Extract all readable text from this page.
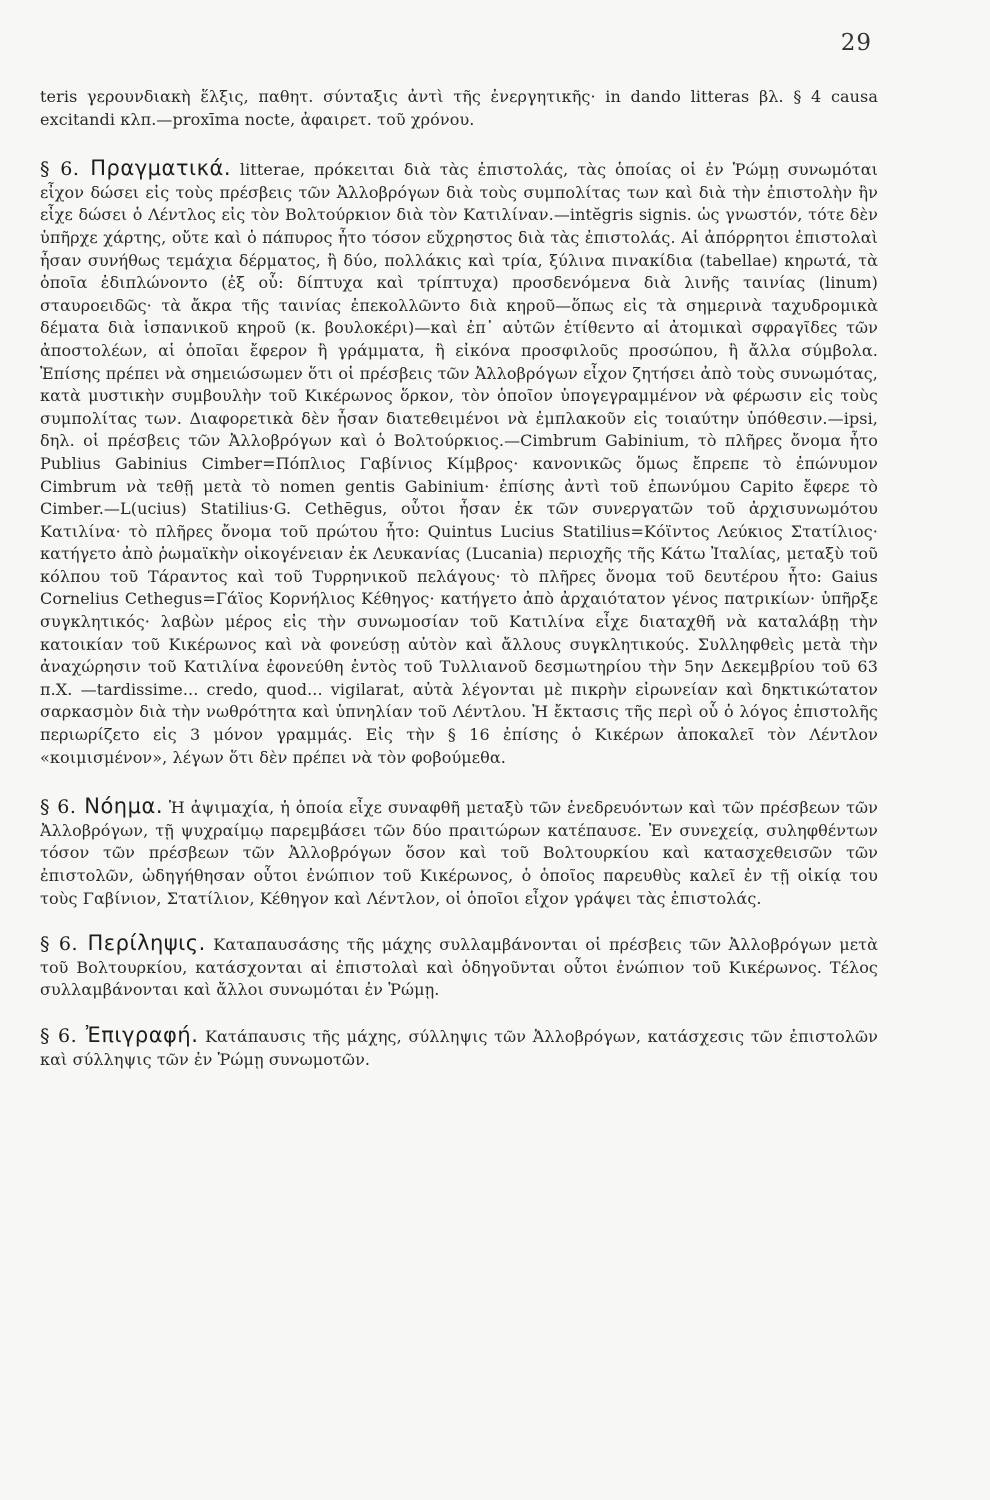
29

teris γερουνδιακὴ ἕλξις, παθητ. σύνταξις ἀντὶ τῆς ἐνεργητικῆς· in dando litteras βλ. § 4 causa excitandi κλπ.—proxīma nocte, ἀφαιρετ. τοῦ χρόνου.

§ 6. Πραγματικά. litterae, πρόκειται διὰ τὰς ἐπιστολάς, τὰς ὁποίας οἱ ἐν Ῥώμῃ συνωμόται εἶχον δώσει εἰς τοὺς πρέσβεις τῶν Ἀλλοβρόγων διὰ τοὺς συμπολίτας των καὶ διὰ τὴν ἐπιστολὴν ἣν εἶχε δώσει ὁ Λέντλος εἰς τὸν Βολτούρκιον διὰ τὸν Κατιλίναν.—intĕgris signis. ὡς γνωστόν, τότε δὲν ὑπῆρχε χάρτης, οὔτε καὶ ὁ πάπυρος ἦτο τόσον εὔχρηστος διὰ τὰς ἐπιστολάς. Αἱ ἀπόρρητοι ἐπιστολαὶ ἦσαν συνήθως τεμάχια δέρματος, ἢ δύο, πολλάκις καὶ τρία, ξύλινα πινακίδια (tabellae) κηρωτά, τὰ ὁποῖα ἐδιπλώνοντο (ἐξ οὗ: δίπτυχα καὶ τρίπτυχα) προσδενόμενα διὰ λινῆς ταινίας (linum) σταυροειδῶς· τὰ ἄκρα τῆς ταινίας ἐπεκολλῶντο διὰ κηροῦ—ὅπως εἰς τὰ σημερινὰ ταχυδρομικὰ δέματα διὰ ἱσπανικοῦ κηροῦ (κ. βουλοκέρι)—καὶ ἐπ᾽ αὐτῶν ἐτίθεντο αἱ ἀτομικαὶ σφραγῖδες τῶν ἀποστολέων, αἱ ὁποῖαι ἔφερον ἢ γράμματα, ἢ εἰκόνα προσφιλοῦς προσώπου, ἢ ἄλλα σύμβολα. Ἐπίσης πρέπει νὰ σημειώσωμεν ὅτι οἱ πρέσβεις τῶν Ἀλλοβρόγων εἶχον ζητήσει ἀπὸ τοὺς συνωμότας, κατὰ μυστικὴν συμβουλὴν τοῦ Κικέρωνος ὅρκον, τὸν ὁποῖον ὑπογεγραμμένον νὰ φέρωσιν εἰς τοὺς συμπολίτας των. Διαφορετικὰ δὲν ἦσαν διατεθειμένοι νὰ ἐμπλακοῦν εἰς τοιαύτην ὑπόθεσιν.—ipsi, δηλ. οἱ πρέσβεις τῶν Ἀλλοβρόγων καὶ ὁ Βολτούρκιος.—Cimbrum Gabinium, τὸ πλῆρες ὄνομα ἦτο Publius Gabinius Cimber=Πόπλιος Γαβίνιος Κίμβρος· κανονικῶς ὅμως ἔπρεπε τὸ ἐπώνυμον Cimbrum νὰ τεθῇ μετὰ τὸ nomen gentis Gabinium· ἐπίσης ἀντὶ τοῦ ἐπωνύμου Capito ἔφερε τὸ Cimber.—L(ucius) Statilius·G. Cethēgus, οὗτοι ἦσαν ἐκ τῶν συνεργατῶν τοῦ ἀρχισυνωμότου Κατιλίνα· τὸ πλῆρες ὄνομα τοῦ πρώτου ἦτο: Quintus Lucius Statilius=Κόϊντος Λεύκιος Στατίλιος· κατήγετο ἀπὸ ῥωμαϊκὴν οἰκογένειαν ἐκ Λευκανίας (Lucania) περιοχῆς τῆς Κάτω Ἰταλίας, μεταξὺ τοῦ κόλπου τοῦ Τάραντος καὶ τοῦ Τυρρηνικοῦ πελάγους· τὸ πλῆρες ὄνομα τοῦ δευτέρου ἦτο: Gaius Cornelius Cethegus=Γάϊος Κορνήλιος Κέθηγος· κατήγετο ἀπὸ ἀρχαιότατον γένος πατρικίων· ὑπῆρξε συγκλητικός· λαβὼν μέρος εἰς τὴν συνωμοσίαν τοῦ Κατιλίνα εἶχε διαταχθῆ νὰ καταλάβῃ τὴν κατοικίαν τοῦ Κικέρωνος καὶ νὰ φονεύσῃ αὐτὸν καὶ ἄλλους συγκλητικούς. Συλληφθεὶς μετὰ τὴν ἀναχώρησιν τοῦ Κατιλίνα ἐφονεύθη ἐντὸς τοῦ Τυλλιανοῦ δεσμωτηρίου τὴν 5ην Δεκεμβρίου τοῦ 63 π.Χ. —tardissime... credo, quod... vigilarat, αὐτὰ λέγονται μὲ πικρὴν εἰρωνείαν καὶ δηκτικώτατον σαρκασμὸν διὰ τὴν νωθρότητα καὶ ὑπνηλίαν τοῦ Λέντλου. Ἡ ἔκτασις τῆς περὶ οὗ ὁ λόγος ἐπιστολῆς περιωρίζετο εἰς 3 μόνον γραμμάς. Εἰς τὴν § 16 ἐπίσης ὁ Κικέρων ἀποκαλεῖ τὸν Λέντλον «κοιμισμένον», λέγων ὅτι δὲν πρέπει νὰ τὸν φοβούμεθα.

§ 6. Νόημα. Ἡ ἀψιμαχία, ἡ ὁποία εἶχε συναφθῆ μεταξὺ τῶν ἐνεδρευόντων καὶ τῶν πρέσβεων τῶν Ἀλλοβρόγων, τῇ ψυχραίμῳ παρεμβάσει τῶν δύο πραιτώρων κατέπαυσε. Ἐν συνεχείᾳ, συληφθέντων τόσον τῶν πρέσβεων τῶν Ἀλλοβρόγων ὅσον καὶ τοῦ Βολτουρκίου καὶ κατασχεθεισῶν τῶν ἐπιστολῶν, ὡδηγήθησαν οὗτοι ἐνώπιον τοῦ Κικέρωνος, ὁ ὁποῖος παρευθὺς καλεῖ ἐν τῇ οἰκίᾳ του τοὺς Γαβίνιον, Στατίλιον, Κέθηγον καὶ Λέντλον, οἱ ὁποῖοι εἶχον γράψει τὰς ἐπιστολάς.

§ 6. Περίληψις. Καταπαυσάσης τῆς μάχης συλλαμβάνονται οἱ πρέσβεις τῶν Ἀλλοβρόγων μετὰ τοῦ Βολτουρκίου, κατάσχονται αἱ ἐπιστολαὶ καὶ ὁδηγοῦνται οὗτοι ἐνώπιον τοῦ Κικέρωνος. Τέλος συλλαμβάνονται καὶ ἄλλοι συνωμόται ἐν Ῥώμῃ.

§ 6. Ἐπιγραφή. Κατάπαυσις τῆς μάχης, σύλληψις τῶν Ἀλλοβρόγων, κατάσχεσις τῶν ἐπιστολῶν καὶ σύλληψις τῶν ἐν Ῥώμῃ συνωμοτῶν.
